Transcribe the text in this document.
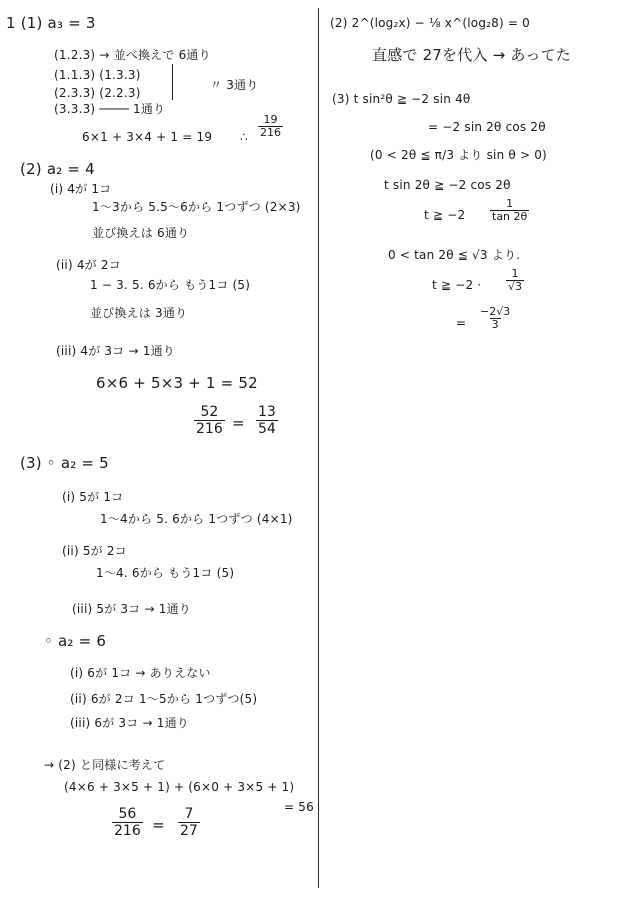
1 (1) a₃ = 3
(1.2.3) → 並べ換えで 6通り
(1.1.3) (1.3.3)
(2.3.3) (2.2.3)
〃 3通り
(3.3.3) ──── 1通り
6×1 + 3×4 + 1 = 19 ∴ $\frac{19}{216}$
(2) a₂ = 4
(i) 4が 1コ
1〜3から 5.5〜6から 1つずつ (2×3)
並び換えは 6通り
(ii) 4が 2コ
1 − 3. 5. 6から もう1コ (5)
並び換えは 3通り
(iii) 4が 3コ → 1通り
6×6 + 5×3 + 1 = 52
$\frac{52}{216} = \frac{13}{54}$
(3) ◦ a₂ = 5
(i) 5が 1コ
1〜4から 5. 6から 1つずつ (4×1)
(ii) 5が 2コ
1〜4. 6から もう1コ (5)
(iii) 5が 3コ → 1通り
◦ a₂ = 6
(i) 6が 1コ → ありえない
(ii) 6が 2コ 1〜5から 1つずつ(5)
(iii) 6が 3コ → 1通り
→ (2) と同様に考えて
(4×6 + 3×5 + 1) + (6×0 + 3×5 + 1)
= 56
$\frac{56}{216} = \frac{7}{27}$
(2) 2^(log₂x) − ⅛ x^(log₂8) = 0
直感で 27を代入 → あってた
(3) t sin²θ ≧ −2 sin 4θ
= −2 sin 2θ cos 2θ
(0 < 2θ ≦ π/3 より sin θ > 0)
t sin 2θ ≧ −2 cos 2θ
t ≧ $-2 \frac{1}{\tan 2\theta}$
0 < tan 2θ ≦ √3 より.
t ≧ $-2 \cdot \frac{1}{√3}$
= $\frac{-2√3}{3}$
